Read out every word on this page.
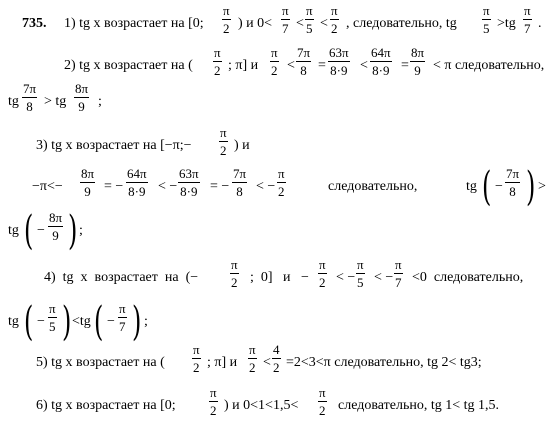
735. 1) tg x возрастает на [0;
π
2 ) и 0<
π
7 <
π
5 <
π
2 , следовательно, tg
π
5 >tg
π
7 .
2) tg x возрастает на (
π
2 ; π] и
π
2 <
7π
8 =
63π
8·9 <
64π
8·9 =
8π
9 < π следовательно,
tg
7π
8 > tg
8π
9 ;
3) tg x возрастает на [−π;−
π
2 ) и
−π<−
8π
9 = −
64π
8·9 < −
63π
8·9 = −
7π
8 < −
π
2	следовательно,	tg ( −
7π
8 ) >
tg ( −
8π
9 ) ;
4)  tg  x  возрастает  на  (−
π
2 ;  0]   и   −
π
2 < −
π
5 < −
π
7 <0  следовательно,
tg ( −
π
5 ) <tg ( −
π
7 ) ;
5) tg x возрастает на (
π
2 ; π] и
π
2 <
4
2 =2<3<π следовательно, tg 2< tg3;
6) tg x возрастает на [0;
π
2 ) и 0<1<1,5<
π
2 следовательно, tg 1< tg 1,5.
